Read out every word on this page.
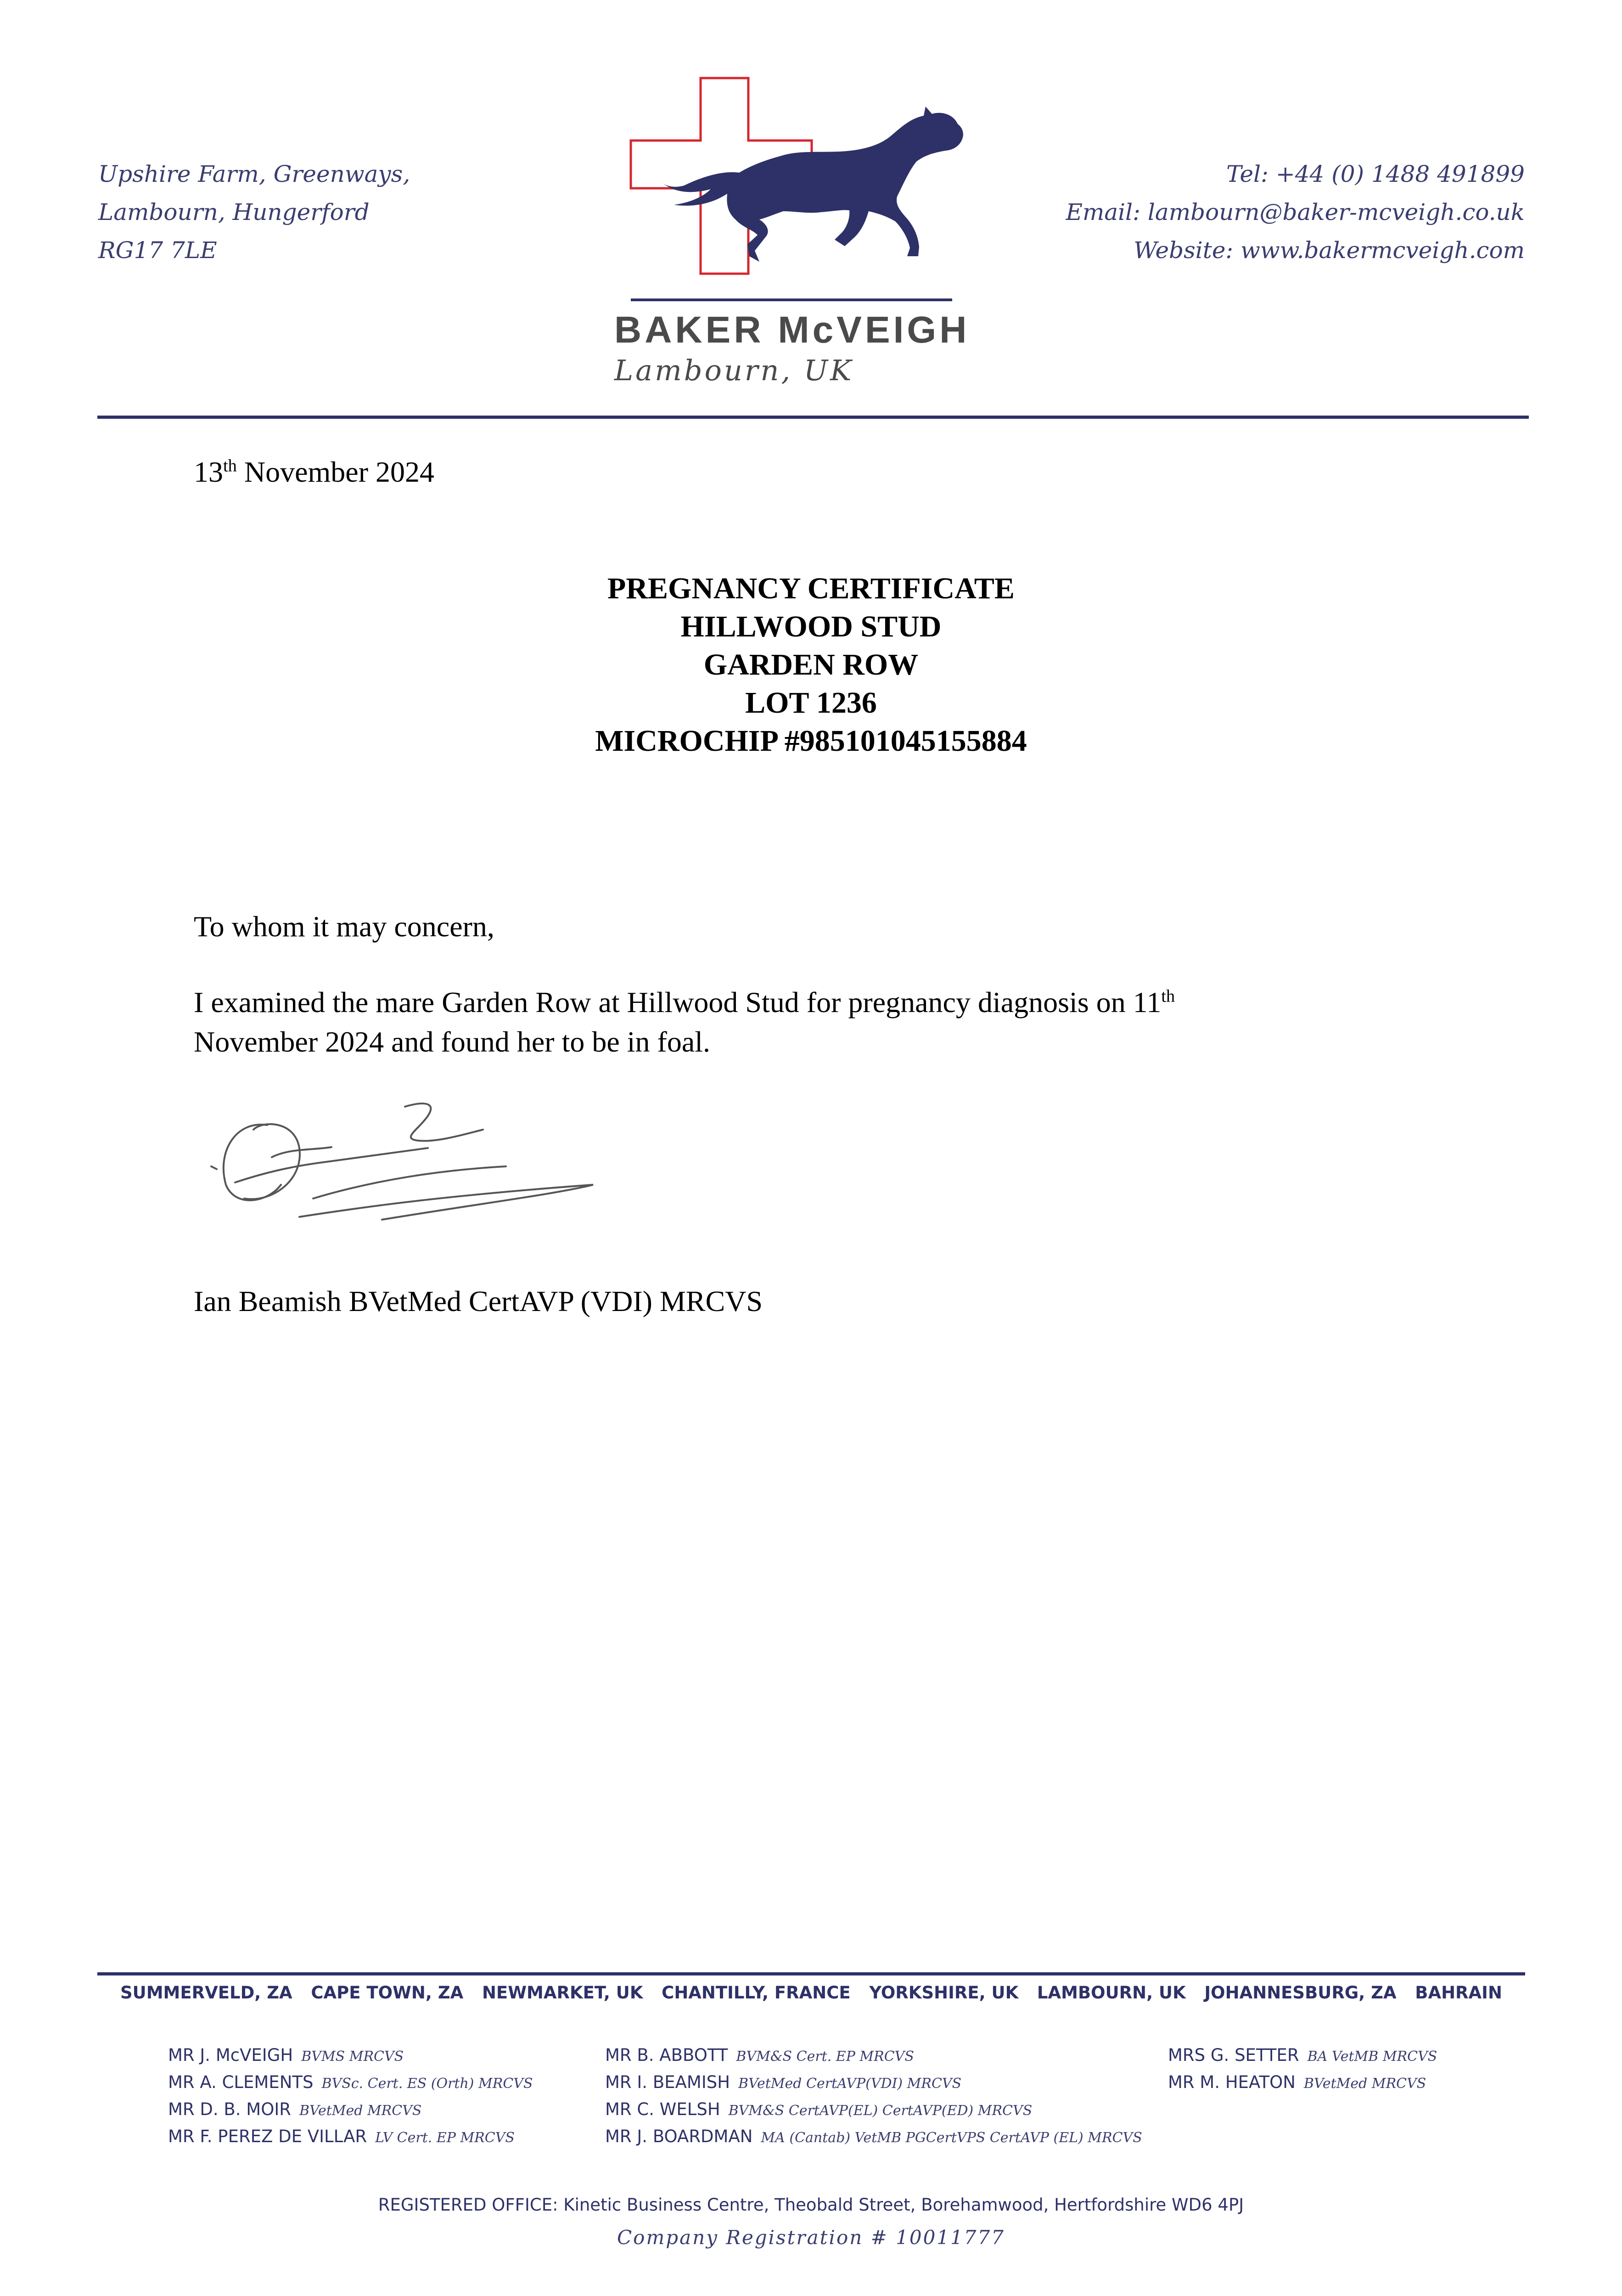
Upshire Farm, Greenways,
Lambourn, Hungerford
RG17 7LE
Tel: +44 (0) 1488 491899
Email: lambourn@baker-mcveigh.co.uk
Website: www.bakermcveigh.com
BAKER McVEIGH
Lambourn, UK
13th November 2024
PREGNANCY CERTIFICATE
HILLWOOD STUD
GARDEN ROW
LOT 1236
MICROCHIP #985101045155884
To whom it may concern,
I examined the mare Garden Row at Hillwood Stud for pregnancy diagnosis on 11th
November 2024 and found her to be in foal.
Ian Beamish BVetMed CertAVP (VDI) MRCVS
SUMMERVELD, ZA CAPE TOWN, ZA NEWMARKET, UK CHANTILLY, FRANCE YORKSHIRE, UK LAMBOURN, UK JOHANNESBURG, ZA BAHRAIN
MR J. McVEIGH BVMS MRCVS
MR A. CLEMENTS BVSc. Cert. ES (Orth) MRCVS
MR D. B. MOIR BVetMed MRCVS
MR F. PEREZ DE VILLAR LV Cert. EP MRCVS
MR B. ABBOTT BVM&S Cert. EP MRCVS
MR I. BEAMISH BVetMed CertAVP(VDI) MRCVS
MR C. WELSH BVM&S CertAVP(EL) CertAVP(ED) MRCVS
MR J. BOARDMAN MA (Cantab) VetMB PGCertVPS CertAVP (EL) MRCVS
MRS G. SETTER BA VetMB MRCVS
MR M. HEATON BVetMed MRCVS
REGISTERED OFFICE: Kinetic Business Centre, Theobald Street, Borehamwood, Hertfordshire WD6 4PJ
Company Registration # 10011777
